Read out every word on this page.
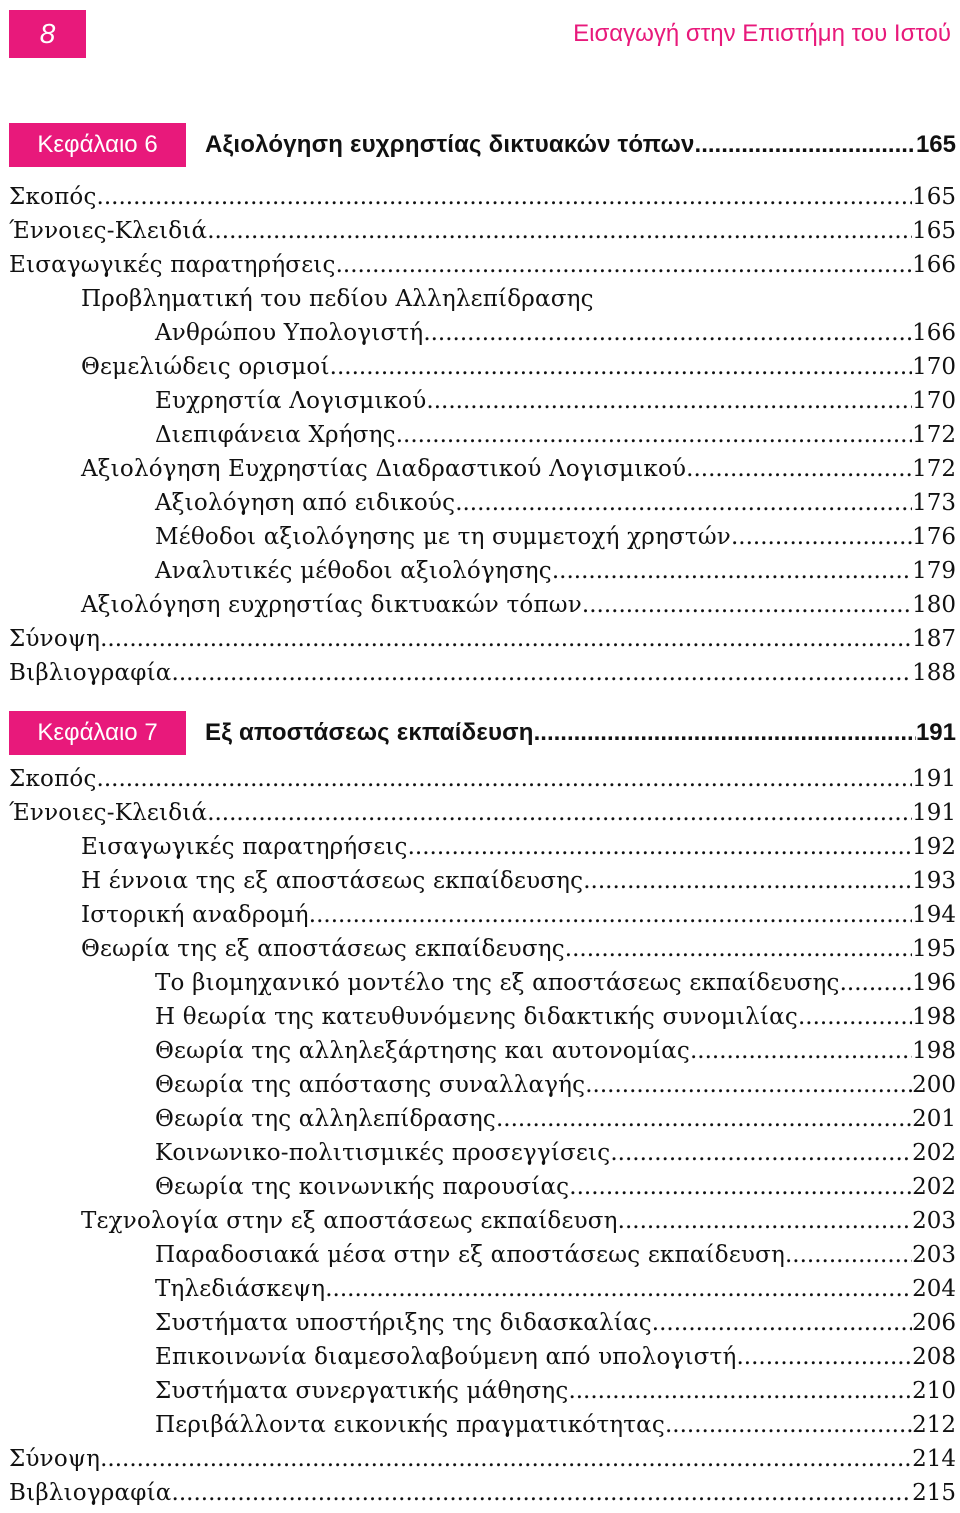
8	Εισαγωγή στην Επιστήμη του Ιστού
Κεφάλαιο 6	Αξιολόγηση ευχρηστίας δικτυακών τόπων .....	165
Σκοπός .....	165
Έννοιες-Κλειδιά .....	165
Εισαγωγικές παρατηρήσεις .....	166
Προβληματική του πεδίου Αλληλεπίδρασης
Ανθρώπου Υπολογιστή .....	166
Θεμελιώδεις ορισμοί .....	170
Ευχρηστία Λογισμικού .....	170
Διεπιφάνεια Χρήσης .....	172
Αξιολόγηση Ευχρηστίας Διαδραστικού Λογισμικού .....	172
Αξιολόγηση από ειδικούς .....	173
Μέθοδοι αξιολόγησης με τη συμμετοχή χρηστών .....	176
Αναλυτικές μέθοδοι αξιολόγησης .....	179
Αξιολόγηση ευχρηστίας δικτυακών τόπων .....	180
Σύνοψη .....	187
Βιβλιογραφία .....	188
Κεφάλαιο 7	Εξ αποστάσεως εκπαίδευση .....	191
Σκοπός .....	191
Έννοιες-Κλειδιά .....	191
Εισαγωγικές παρατηρήσεις .....	192
Η έννοια της εξ αποστάσεως εκπαίδευσης .....	193
Ιστορική αναδρομή .....	194
Θεωρία της εξ αποστάσεως εκπαίδευσης .....	195
Το βιομηχανικό μοντέλο της εξ αποστάσεως εκπαίδευσης .....	196
Η θεωρία της κατευθυνόμενης διδακτικής συνομιλίας .....	198
Θεωρία της αλληλεξάρτησης και αυτονομίας .....	198
Θεωρία της απόστασης συναλλαγής .....	200
Θεωρία της αλληλεπίδρασης .....	201
Κοινωνικο-πολιτισμικές προσεγγίσεις .....	202
Θεωρία της κοινωνικής παρουσίας .....	202
Τεχνολογία στην εξ αποστάσεως εκπαίδευση .....	203
Παραδοσιακά μέσα στην εξ αποστάσεως εκπαίδευση .....	203
Τηλεδιάσκεψη .....	204
Συστήματα υποστήριξης της διδασκαλίας .....	206
Επικοινωνία διαμεσολαβούμενη από υπολογιστή .....	208
Συστήματα συνεργατικής μάθησης .....	210
Περιβάλλοντα εικονικής πραγματικότητας .....	212
Σύνοψη .....	214
Βιβλιογραφία .....	215
